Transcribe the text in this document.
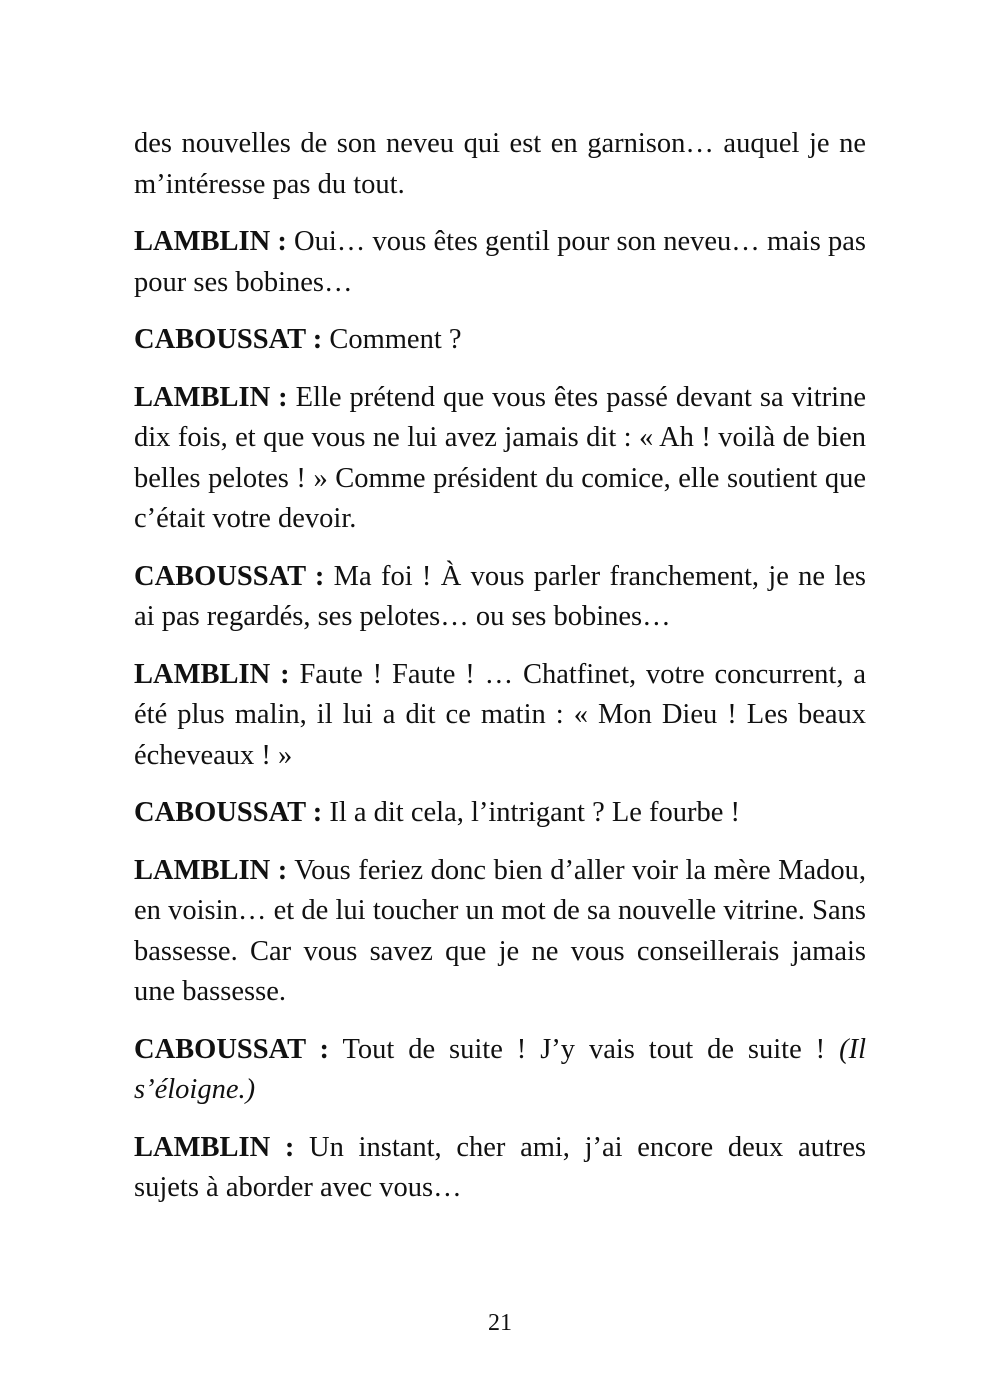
des nouvelles de son neveu qui est en garnison… auquel je ne m’intéresse pas du tout.

LAMBLIN : Oui… vous êtes gentil pour son neveu… mais pas pour ses bobines…

CABOUSSAT : Comment ?

LAMBLIN : Elle prétend que vous êtes passé devant sa vitrine dix fois, et que vous ne lui avez jamais dit : « Ah ! voilà de bien belles pelotes ! » Comme président du comice, elle soutient que c’était votre devoir.

CABOUSSAT : Ma foi ! À vous parler franchement, je ne les ai pas regardés, ses pelotes… ou ses bobines…

LAMBLIN : Faute ! Faute ! … Chatfinet, votre concurrent, a été plus malin, il lui a dit ce matin : « Mon Dieu ! Les beaux écheveaux ! »

CABOUSSAT : Il a dit cela, l’intrigant ? Le fourbe !

LAMBLIN : Vous feriez donc bien d’aller voir la mère Madou, en voisin… et de lui toucher un mot de sa nouvelle vitrine. Sans bassesse. Car vous savez que je ne vous conseillerais jamais une bassesse.

CABOUSSAT : Tout de suite ! J’y vais tout de suite ! (Il s’éloigne.)

LAMBLIN : Un instant, cher ami, j’ai encore deux autres sujets à aborder avec vous…

21
